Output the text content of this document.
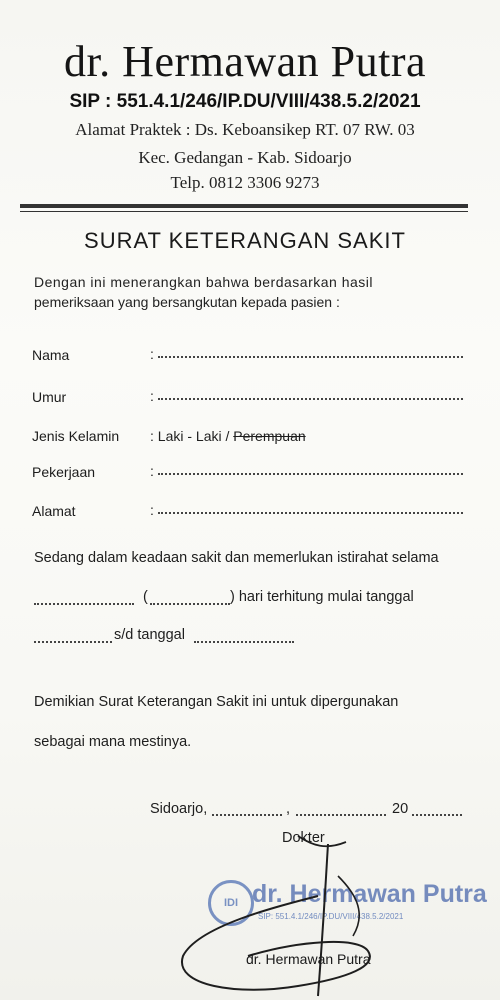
dr. Hermawan Putra
SIP : 551.4.1/246/IP.DU/VIII/438.5.2/2021
Alamat Praktek : Ds. Keboansikep RT. 07 RW. 03
Kec. Gedangan - Kab. Sidoarjo
Telp. 0812 3306 9273
SURAT KETERANGAN SAKIT
Dengan ini menerangkan bahwa berdasarkan hasil
pemeriksaan yang bersangkutan kepada pasien :
Nama	:
Umur	:
Jenis Kelamin : Laki - Laki / Perempuan
Pekerjaan	:
Alamat	:
Sedang dalam keadaan sakit dan memerlukan istirahat selama
(	) hari terhitung mulai tanggal
s/d tanggal
Demikian Surat Keterangan Sakit ini untuk dipergunakan
sebagai mana mestinya.
Sidoarjo,	,	20
Dokter
IDI dr. Hermawan Putra
SIP: 551.4.1/246/IP.DU/VIII/438.5.2/2021
dr. Hermawan Putra
